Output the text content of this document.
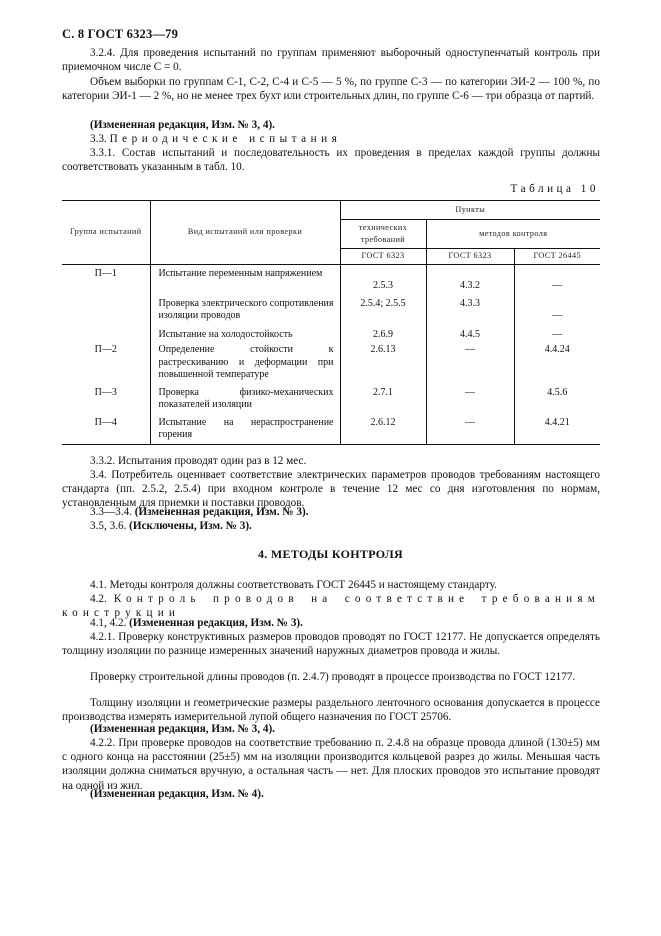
С. 8 ГОСТ 6323—79

3.2.4. Для проведения испытаний по группам применяют выборочный одноступенчатый контроль при приемочном числе С = 0.

Объем выборки по группам С-1, С-2, С-4 и С-5 — 5 %, по группе С-3 — по категории ЭИ-2 — 100 %, по категории ЭИ-1 — 2 %, но не менее трех бухт или строительных длин, по группе С-6 — три образца от партий.

(Измененная редакция, Изм. № 3, 4).

3.3. Периодические испытания

3.3.1. Состав испытаний и последовательность их проведения в пределах каждой группы должны соответствовать указанным в табл. 10.

Таблица 10
Группа испытаний	Вид испытаний или проверки	Пункты		
		технических требований	методов контроля	
		ГОСТ 6323	ГОСТ 6323	ГОСТ 26445
П—1	Испытание переменным напряжением	2.5.3	4.3.2	—
	Проверка электрического сопротивления изоляции проводов	2.5.4; 2.5.5	4.3.3	—
	Испытание на холодостойкость	2.6.9	4.4.5	—
П—2	Определение стойкости к растрескиванию и деформации при повышенной температуре	2.6.13	—	4.4.24
П—3	Проверка физико-механических показателей изоляции	2.7.1	—	4.5.6
П—4	Испытание на нераспространение горения	2.6.12	—	4.4.21

3.3.2. Испытания проводят один раз в 12 мес.

3.4. Потребитель оценивает соответствие электрических параметров проводов требованиям настоящего стандарта (пп. 2.5.2, 2.5.4) при входном контроле в течение 12 мес со дня изготовления по нормам, установленным для приемки и поставки проводов.

3.3—3.4. (Измененная редакция, Изм. № 3).

3.5, 3.6. (Исключены, Изм. № 3).

4. МЕТОДЫ КОНТРОЛЯ

4.1. Методы контроля должны соответствовать ГОСТ 26445 и настоящему стандарту.

4.2. Контроль проводов на соответствие требованиям конструкции

4.1, 4.2. (Измененная редакция, Изм. № 3).

4.2.1. Проверку конструктивных размеров проводов проводят по ГОСТ 12177. Не допускается определять толщину изоляции по разнице измеренных значений наружных диаметров провода и жилы.

Проверку строительной длины проводов (п. 2.4.7) проводят в процессе производства по ГОСТ 12177.

Толщину изоляции и геометрические размеры раздельного ленточного основания допускается в процессе производства измерять измерительной лупой общего назначения по ГОСТ 25706.

(Измененная редакция, Изм. № 3, 4).

4.2.2. При проверке проводов на соответствие требованию п. 2.4.8 на образце провода длиной (130±5) мм с одного конца на расстоянии (25±5) мм на изоляции производится кольцевой разрез до жилы. Меньшая часть изоляции должна сниматься вручную, а остальная часть — нет. Для плоских проводов это испытание проводят на одной из жил.

(Измененная редакция, Изм. № 4).
